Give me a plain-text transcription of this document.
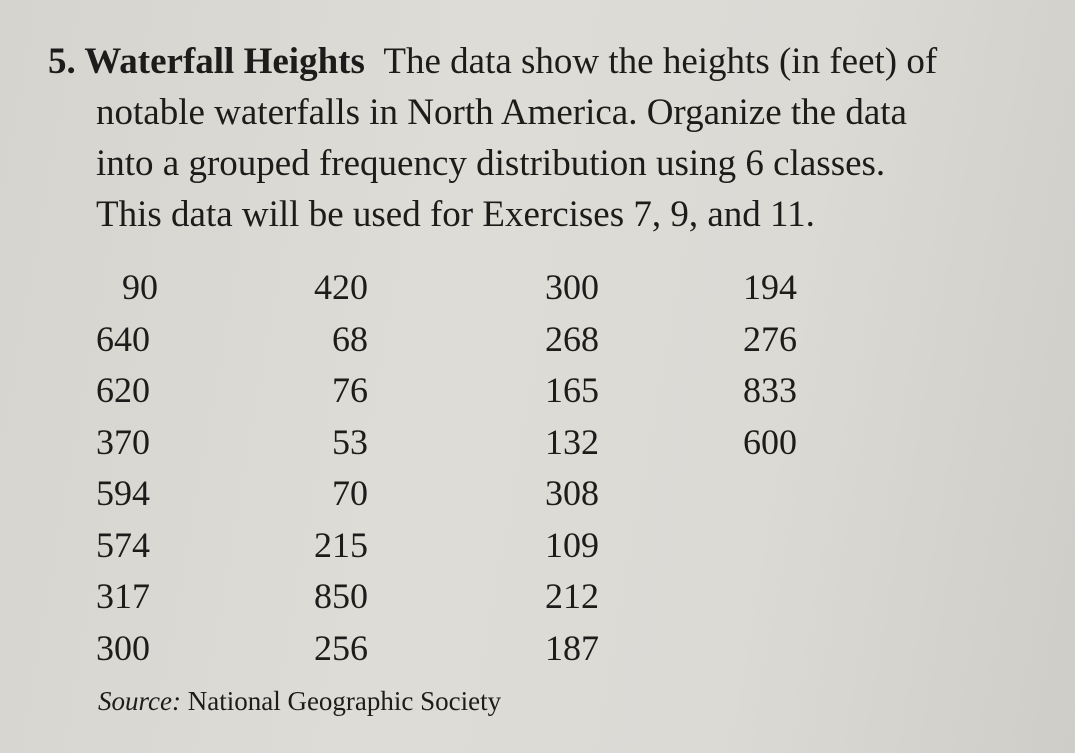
5. Waterfall Heights The data show the heights (in feet) of
notable waterfalls in North America. Organize the data
into a grouped frequency distribution using 6 classes.
This data will be used for Exercises 7, 9, and 11.
90	420	300	194
640	68	268	276
620	76	165	833
370	53	132	600
594	70	308
574	215	109
317	850	212
300	256	187
Source: National Geographic Society
